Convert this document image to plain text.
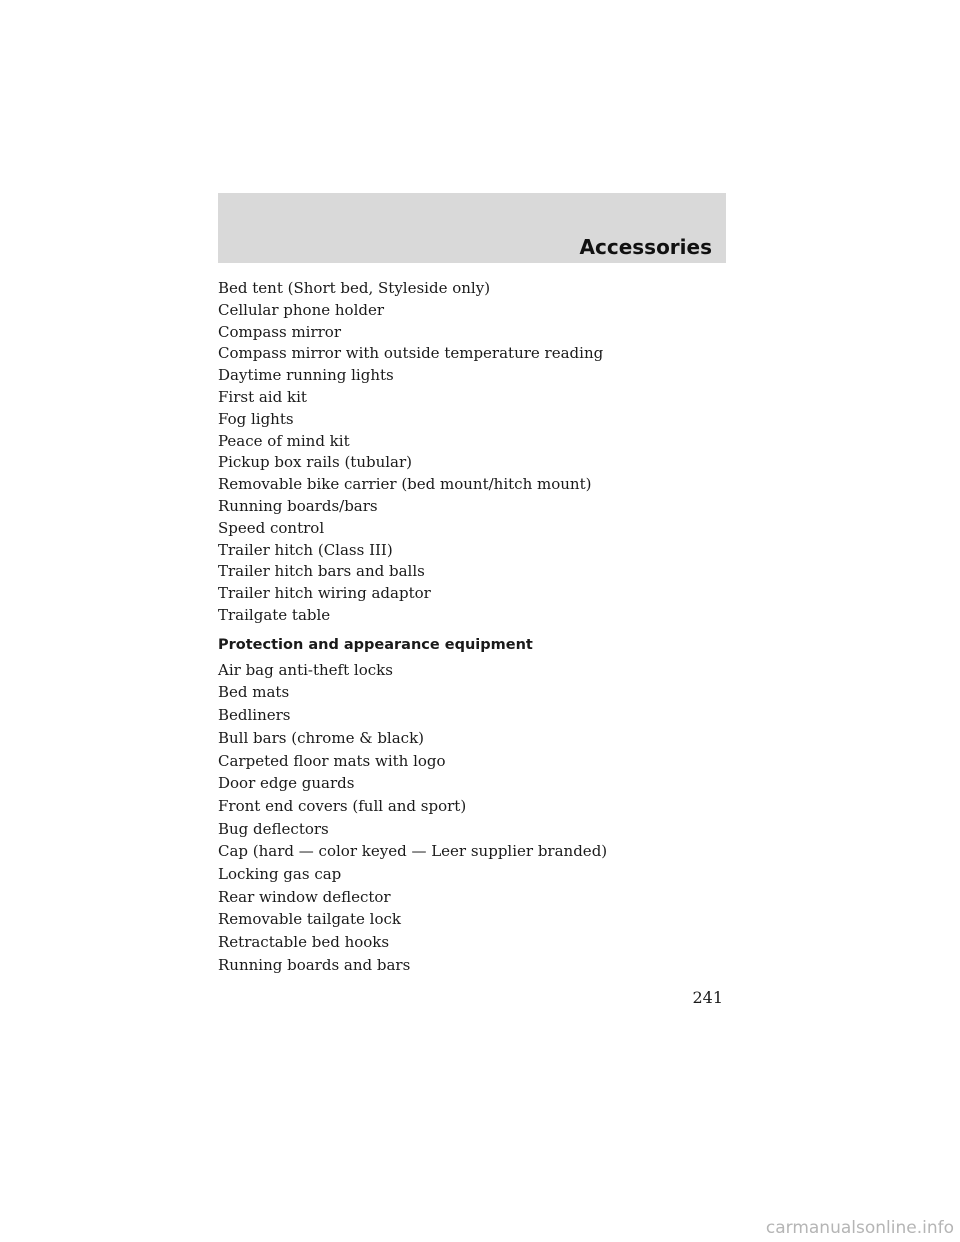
Accessories
Bed tent (Short bed, Styleside only)
Cellular phone holder
Compass mirror
Compass mirror with outside temperature reading
Daytime running lights
First aid kit
Fog lights
Peace of mind kit
Pickup box rails (tubular)
Removable bike carrier (bed mount/hitch mount)
Running boards/bars
Speed control
Trailer hitch (Class III)
Trailer hitch bars and balls
Trailer hitch wiring adaptor
Trailgate table
Protection and appearance equipment
Air bag anti-theft locks
Bed mats
Bedliners
Bull bars (chrome & black)
Carpeted floor mats with logo
Door edge guards
Front end covers (full and sport)
Bug deflectors
Cap (hard — color keyed — Leer supplier branded)
Locking gas cap
Rear window deflector
Removable tailgate lock
Retractable bed hooks
Running boards and bars
241
carmanualsonline.info
